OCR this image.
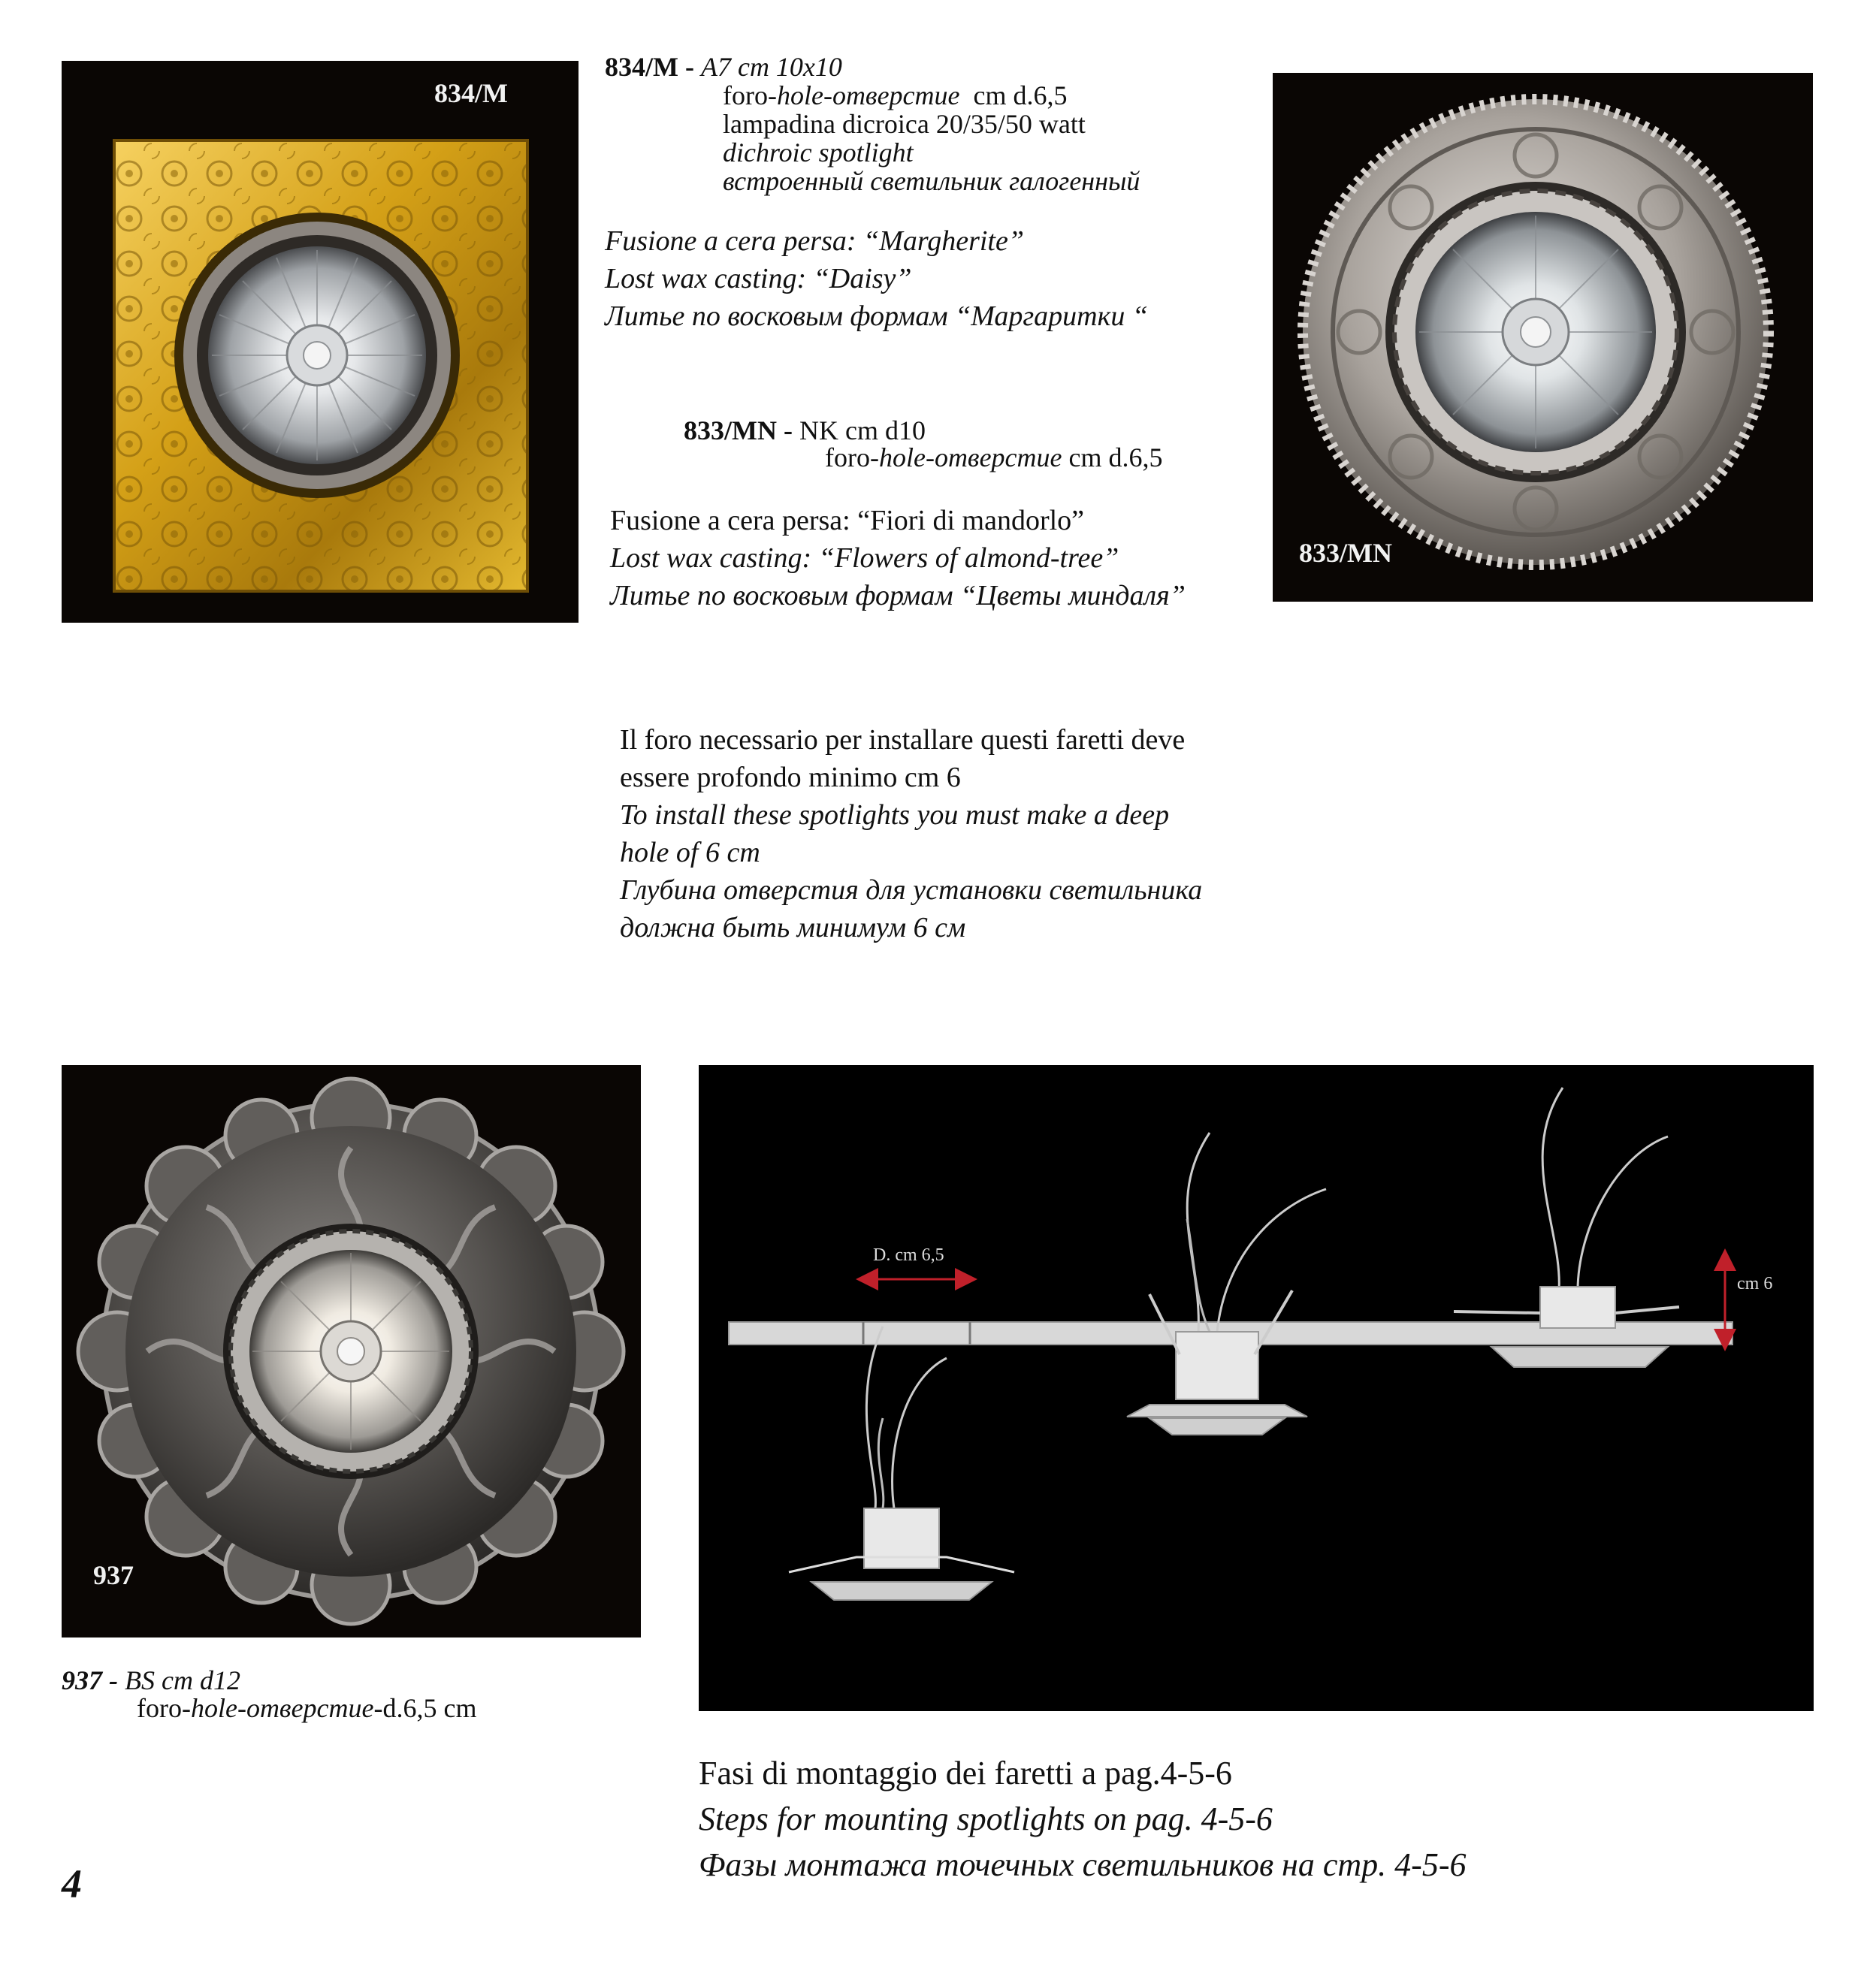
834/M
834/M - A7 cm 10x10
foro-hole-отверстие cm d.6,5
lampadina dicroica 20/35/50 watt
dichroic spotlight
встроенный светильник галогенный
Fusione a cera persa: “Margherite”
Lost wax casting: “Daisy”
Литье по восковым формам “Маргаритки “
833/MN - NK cm d10
foro-hole-отверстие cm d.6,5
Fusione a cera persa: “Fiori di mandorlo”
Lost wax casting: “Flowers of almond-tree”
Литье по восковым формам “Цветы миндаля”
833/MN
Il foro necessario per installare questi faretti deve
essere profondo minimo cm 6
To install these spotlights you must make a deep
hole of 6 cm
Глубина отверстия для установки светильника
должна быть минимум 6 см
937
937 - BS cm d12
foro-hole-отверстие-d.6,5 cm
D. cm 6,5
cm 6
Fasi di montaggio dei faretti a pag.4-5-6
Steps for mounting spotlights on pag. 4-5-6
Фазы монтажа точечных светильников на стр. 4-5-6
4
